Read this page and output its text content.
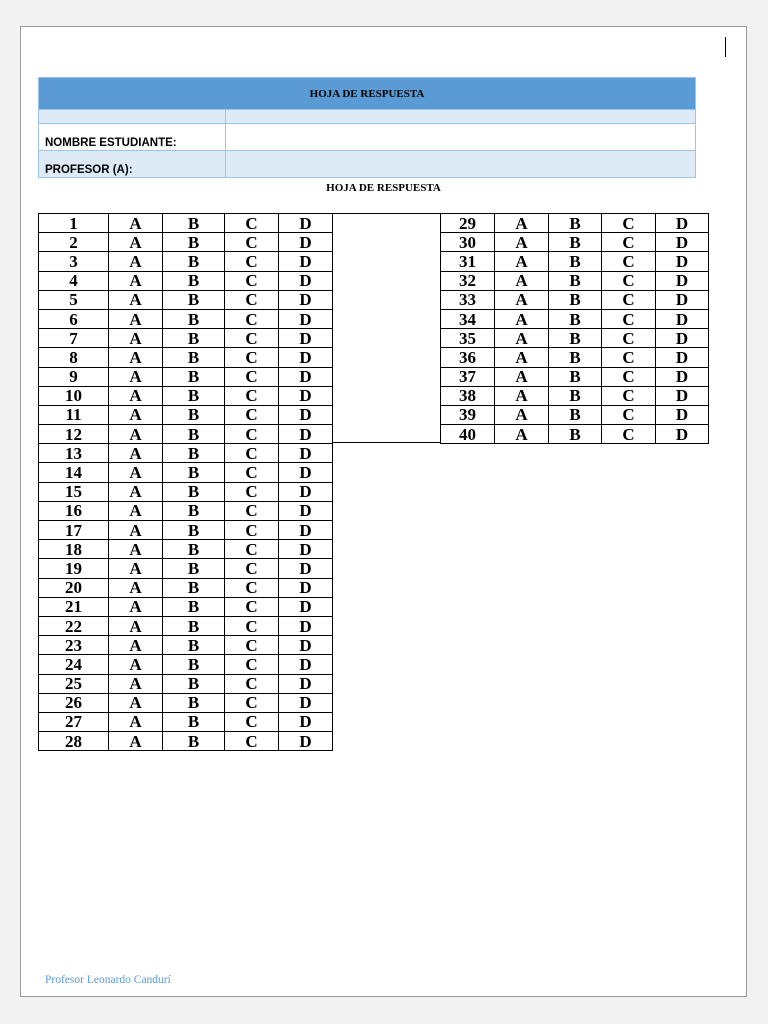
HOJA DE RESPUESTA	

NOMBRE ESTUDIANTE:	
PROFESOR (A):	
HOJA DE RESPUESTA
1	A	B	C	D
2	A	B	C	D
3	A	B	C	D
4	A	B	C	D
5	A	B	C	D
6	A	B	C	D
7	A	B	C	D
8	A	B	C	D
9	A	B	C	D
10	A	B	C	D
11	A	B	C	D
12	A	B	C	D
13	A	B	C	D
14	A	B	C	D
15	A	B	C	D
16	A	B	C	D
17	A	B	C	D
18	A	B	C	D
19	A	B	C	D
20	A	B	C	D
21	A	B	C	D
22	A	B	C	D
23	A	B	C	D
24	A	B	C	D
25	A	B	C	D
26	A	B	C	D
27	A	B	C	D
28	A	B	C	D
29	A	B	C	D
30	A	B	C	D
31	A	B	C	D
32	A	B	C	D
33	A	B	C	D
34	A	B	C	D
35	A	B	C	D
36	A	B	C	D
37	A	B	C	D
38	A	B	C	D
39	A	B	C	D
40	A	B	C	D
Profesor Leonardo Candurí
